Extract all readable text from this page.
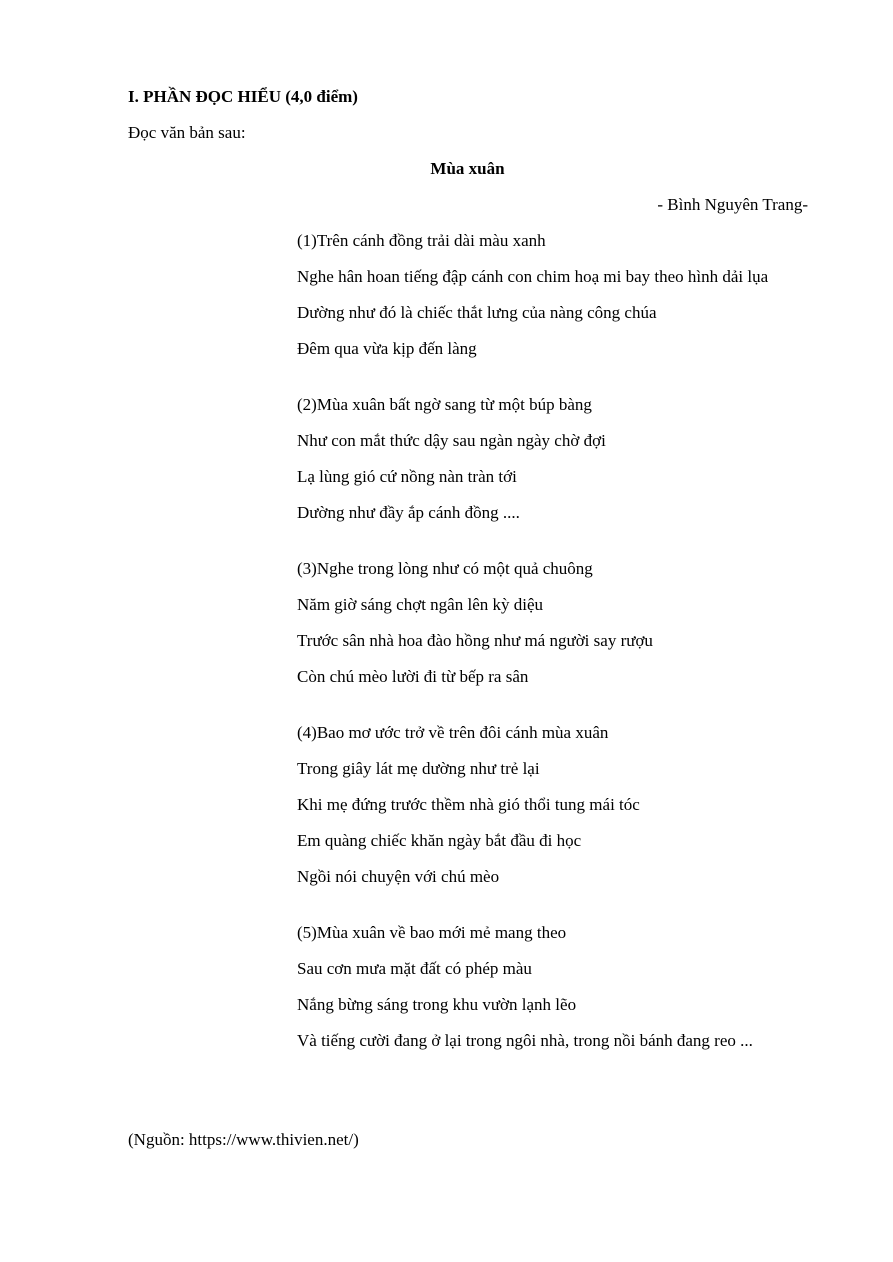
I. PHẦN ĐỌC HIỂU (4,0 điểm)
Đọc văn bản sau:
Mùa xuân
- Bình Nguyên Trang-
(1)Trên cánh đồng trải dài màu xanh
Nghe hân hoan tiếng đập cánh con chim hoạ mi bay theo hình dải lụa
Dường như đó là chiếc thắt lưng của nàng công chúa
Đêm qua vừa kịp đến làng
(2)Mùa xuân bất ngờ sang từ một búp bàng
Như con mắt thức dậy sau ngàn ngày chờ đợi
Lạ lùng gió cứ nồng nàn tràn tới
Dường như đầy ắp cánh đồng ....
(3)Nghe trong lòng như có một quả chuông
Năm giờ sáng chợt ngân lên kỳ diệu
Trước sân nhà hoa đào hồng như má người say rượu
Còn chú mèo lười đi từ bếp ra sân
(4)Bao mơ ước trở về trên đôi cánh mùa xuân
Trong giây lát mẹ dường như trẻ lại
Khi mẹ đứng trước thềm nhà gió thổi tung mái tóc
Em quàng chiếc khăn ngày bắt đầu đi học
Ngồi nói chuyện với chú mèo
(5)Mùa xuân về bao mới mẻ mang theo
Sau cơn mưa mặt đất có phép màu
Nắng bừng sáng trong khu vườn lạnh lẽo
Và tiếng cười đang ở lại trong ngôi nhà, trong nồi bánh đang reo ...
(Nguồn: https://www.thivien.net/)
